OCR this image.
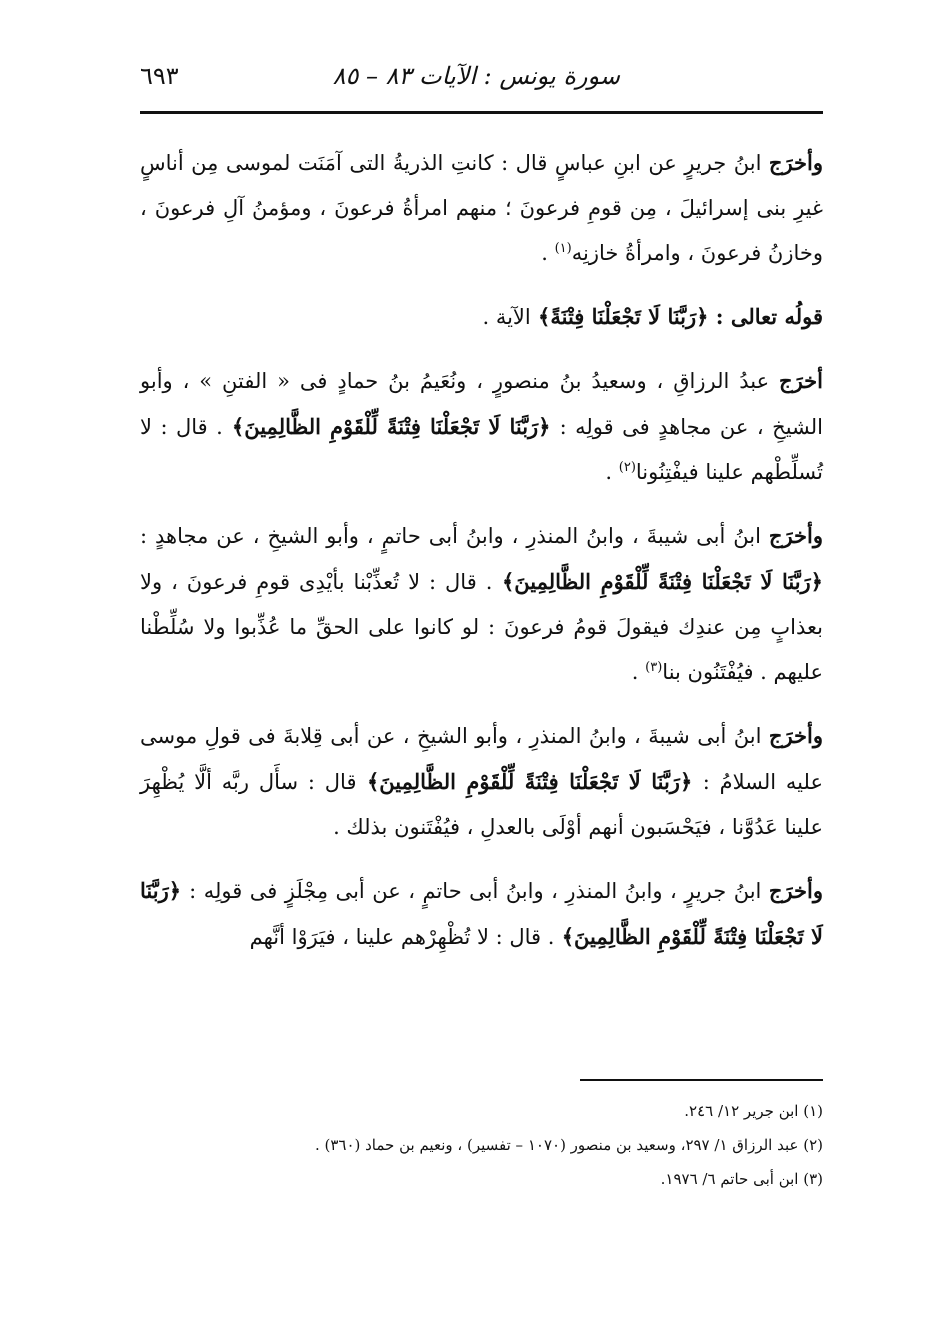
سورة يونس : الآيات ٨٣ – ٨٥
٦٩٣

وأخرَج ابنُ جريرٍ عن ابنِ عباسٍ قال : كانتِ الذريةُ التى آمَنَت لموسى مِن أناسٍ غيرِ بنى إسرائيلَ ، مِن قومِ فرعونَ ؛ منهم امرأةُ فرعونَ ، ومؤمنُ آلِ فرعونَ ، وخازنُ فرعونَ ، وامرأةُ خازنِه$^{(١)}$ .

قولُه تعالى : ﴿رَبَّنَا لَا تَجْعَلْنَا فِتْنَةً﴾ الآية .

أخرَج عبدُ الرزاقِ ، وسعيدُ بنُ منصورٍ ، ونُعَيمُ بنُ حمادٍ فى « الفتنِ » ، وأبو الشيخِ ، عن مجاهدٍ فى قولِه : ﴿رَبَّنَا لَا تَجْعَلْنَا فِتْنَةً لِّلْقَوْمِ الظَّالِمِينَ﴾ . قال : لا تُسلِّطْهم علينا فيفْتِنُونا$^{(٢)}$ .

وأخرَج ابنُ أبى شيبةَ ، وابنُ المنذرِ ، وابنُ أبى حاتمٍ ، وأبو الشيخِ ، عن مجاهدٍ : ﴿رَبَّنَا لَا تَجْعَلْنَا فِتْنَةً لِّلْقَوْمِ الظَّالِمِينَ﴾ . قال : لا تُعذِّبْنا بأيْدِى قومِ فرعونَ ، ولا بعذابٍ مِن عندِك فيقولَ قومُ فرعونَ : لو كانوا على الحقِّ ما عُذِّبوا ولا سُلِّطْنا عليهم . فيُفْتَنُون بنا$^{(٣)}$ .

وأخرَج ابنُ أبى شيبةَ ، وابنُ المنذرِ ، وأبو الشيخِ ، عن أبى قِلابةَ فى قولِ موسى عليه السلامُ : ﴿رَبَّنَا لَا تَجْعَلْنَا فِتْنَةً لِّلْقَوْمِ الظَّالِمِينَ﴾ قال : سأَل ربَّه ألَّا يُظْهِرَ علينا عَدُوَّنا ، فيَحْسَبون أنهم أوْلَى بالعدلِ ، فيُفْتَنون بذلك .

وأخرَج ابنُ جريرٍ ، وابنُ المنذرِ ، وابنُ أبى حاتمٍ ، عن أبى مِجْلَزٍ فى قولِه : ﴿رَبَّنَا لَا تَجْعَلْنَا فِتْنَةً لِّلْقَوْمِ الظَّالِمِينَ﴾ . قال : لا تُظْهِرْهم علينا ، فيَرَوْا أنَّهم

(١) ابن جرير ١٢/ ٢٤٦.

(٢) عبد الرزاق ١/ ٢٩٧، وسعيد بن منصور (١٠٧٠ – تفسير) ، ونعيم بن حماد (٣٦٠) .

(٣) ابن أبى حاتم ٦/ ١٩٧٦.
